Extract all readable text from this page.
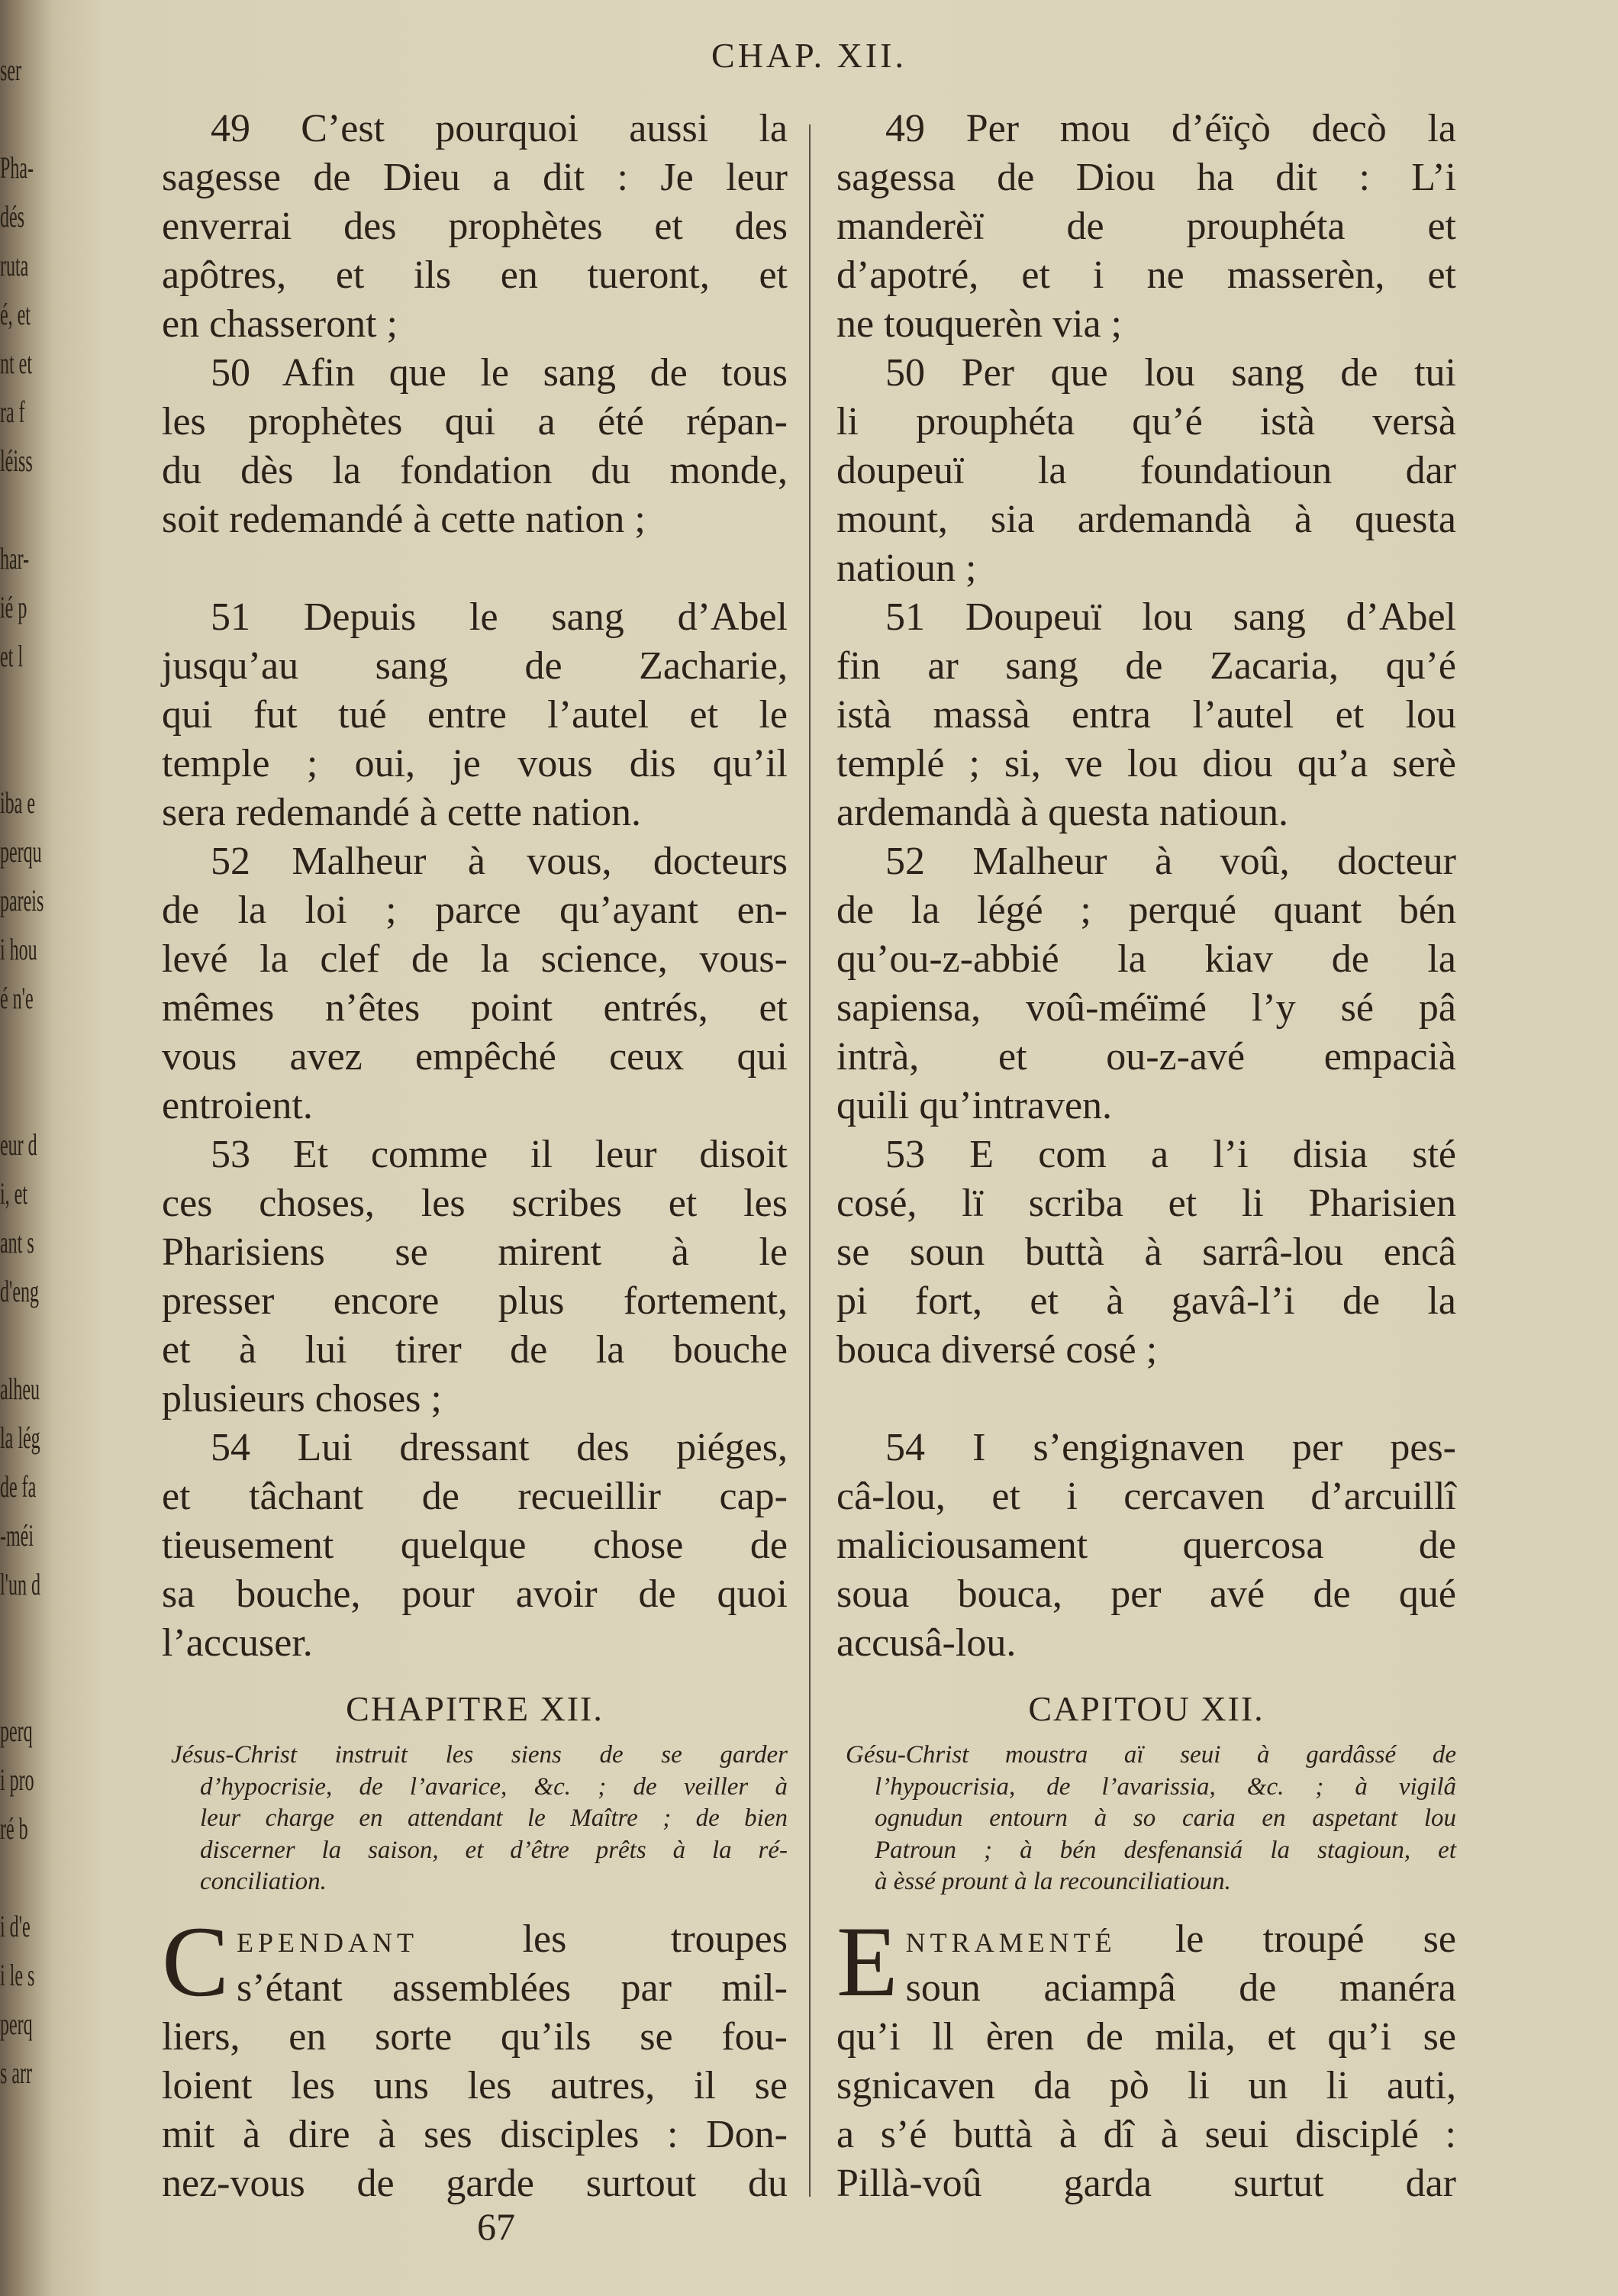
ser
Pha-
dés
ruta
é, et
nt et
ra f
léiss
har-
ié p
et l
iba e
perqu
pareis
i hou
é n'e
eur d
i, et
ant s
d'eng
alheu
la lég
de fa
-méi
l'un d
perq
i pro
ré b
i d'e
i le s
perq
s arr
CHAP. XII.
49 C’est pourquoi aussi la
sagesse de Dieu a dit : Je leur
enverrai des prophètes et des
apôtres, et ils en tueront, et
en chasseront ;
50 Afin que le sang de tous
les prophètes qui a été répan-
du dès la fondation du monde,
soit redemandé à cette nation ;
51 Depuis le sang d’Abel
jusqu’au sang de Zacharie,
qui fut tué entre l’autel et le
temple ; oui, je vous dis qu’il
sera redemandé à cette nation.
52 Malheur à vous, docteurs
de la loi ; parce qu’ayant en-
levé la clef de la science, vous-
mêmes n’êtes point entrés, et
vous avez empêché ceux qui
entroient.
53 Et comme il leur disoit
ces choses, les scribes et les
Pharisiens se mirent à le
presser encore plus fortement,
et à lui tirer de la bouche
plusieurs choses ;
54 Lui dressant des piéges,
et tâchant de recueillir cap-
tieusement quelque chose de
sa bouche, pour avoir de quoi
l’accuser.
CHAPITRE XII.
Jésus-Christ instruit les siens de se garder
d’hypocrisie, de l’avarice, &c. ; de veiller à
leur charge en attendant le Maître ; de bien
discerner la saison, et d’être prêts à la ré-
conciliation.
C EPENDANT les troupes
s’étant assemblées par mil-
liers, en sorte qu’ils se fou-
loient les uns les autres, il se
mit à dire à ses disciples : Don-
nez-vous de garde surtout du
49 Per mou d’éïçò decò la
sagessa de Diou ha dit : L’i
manderèï de prouphéta et
d’apotré, et i ne masserèn, et
ne touquerèn via ;
50 Per que lou sang de tui
li prouphéta qu’é istà versà
doupeuï la foundatioun dar
mount, sia ardemandà à questa
natioun ;
51 Doupeuï lou sang d’Abel
fin ar sang de Zacaria, qu’é
istà massà entra l’autel et lou
templé ; si, ve lou diou qu’a serè
ardemandà à questa natioun.
52 Malheur à voû, docteur
de la légé ; perqué quant bén
qu’ou-z-abbié la kiav de la
sapiensa, voû-méïmé l’y sé pâ
intrà, et ou-z-avé empacià
quili qu’intraven.
53 E com a l’i disia sté
cosé, lï scriba et li Pharisien
se soun buttà à sarrâ-lou encâ
pi fort, et à gavâ-l’i de la
bouca diversé cosé ;
54 I s’engignaven per pes-
câ-lou, et i cercaven d’arcuillî
maliciousament quercosa de
soua bouca, per avé de qué
accusâ-lou.
CAPITOU XII.
Gésu-Christ moustra aï seui à gardâssé de
l’hypoucrisia, de l’avarissia, &c. ; à vigilâ
ognudun entourn à so caria en aspetant lou
Patroun ; à bén desfenansiá la stagioun, et
à èssé prount à la recounciliatioun.
E NTRAMENTÉ le troupé se
soun aciampâ de manéra
qu’i ll èren de mila, et qu’i se
sgnicaven da pò li un li auti,
a s’é buttà à dî à seui disciplé :
Pillà-voû garda surtut dar
67
